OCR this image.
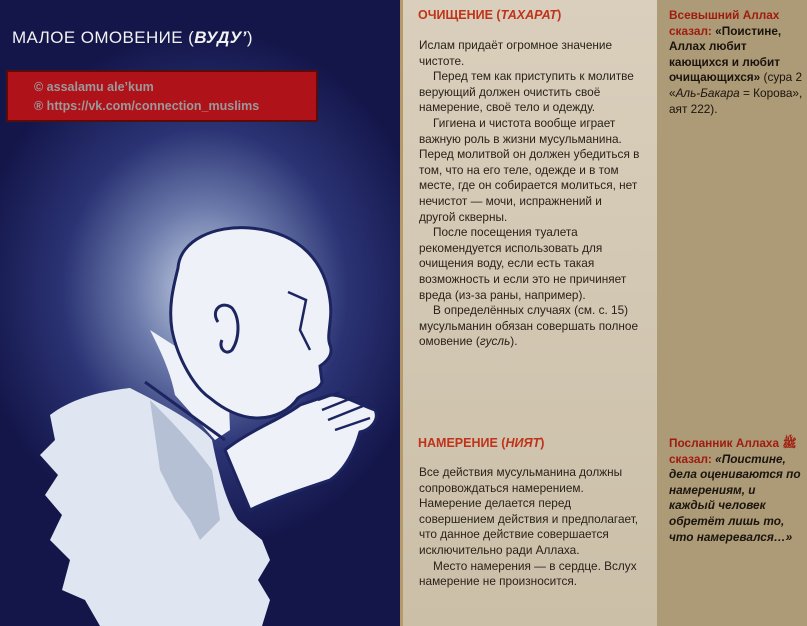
МАЛОЕ ОМОВЕНИЕ (ВУДУ’)
© assalamu ale’kum
® https://vk.com/connection_muslims
ОЧИЩЕНИЕ (ТАХАРАТ)

Ислам придаёт огромное значение чистоте.

Перед тем как приступить к молитве верующий должен очистить своё намерение, своё тело и одежду.

Гигиена и чистота вообще играет важную роль в жизни мусульманина. Перед молитвой он должен убедиться в том, что на его теле, одежде и в том месте, где он собирается молиться, нет нечистот — мочи, испражнений и другой скверны.

После посещения туалета рекомендуется использовать для очищения воду, если есть такая возможность и если это не причиняет вреда (из-за раны, например).

В определённых случаях (см. с. 15) мусульманин обязан совершать полное омовение (гусль).

НАМЕРЕНИЕ (НИЯТ)

Все действия мусульманина должны сопровождаться намерением. Намерение делается перед совершением действия и предполагает, что данное действие совершается исключительно ради Аллаха.

Место намерения — в сердце. Вслух намерение не произносится.

Всевышний Аллах сказал: «Поистине, Аллах любит кающихся и любит очищающихся» (сура 2 «Аль-Бакара = Корова», аят 222).
Посланник Аллаха ﷺ сказал: «Поистине, дела оцениваются по намерениям, и каждый человек обретёт лишь то, что намеревался…»
